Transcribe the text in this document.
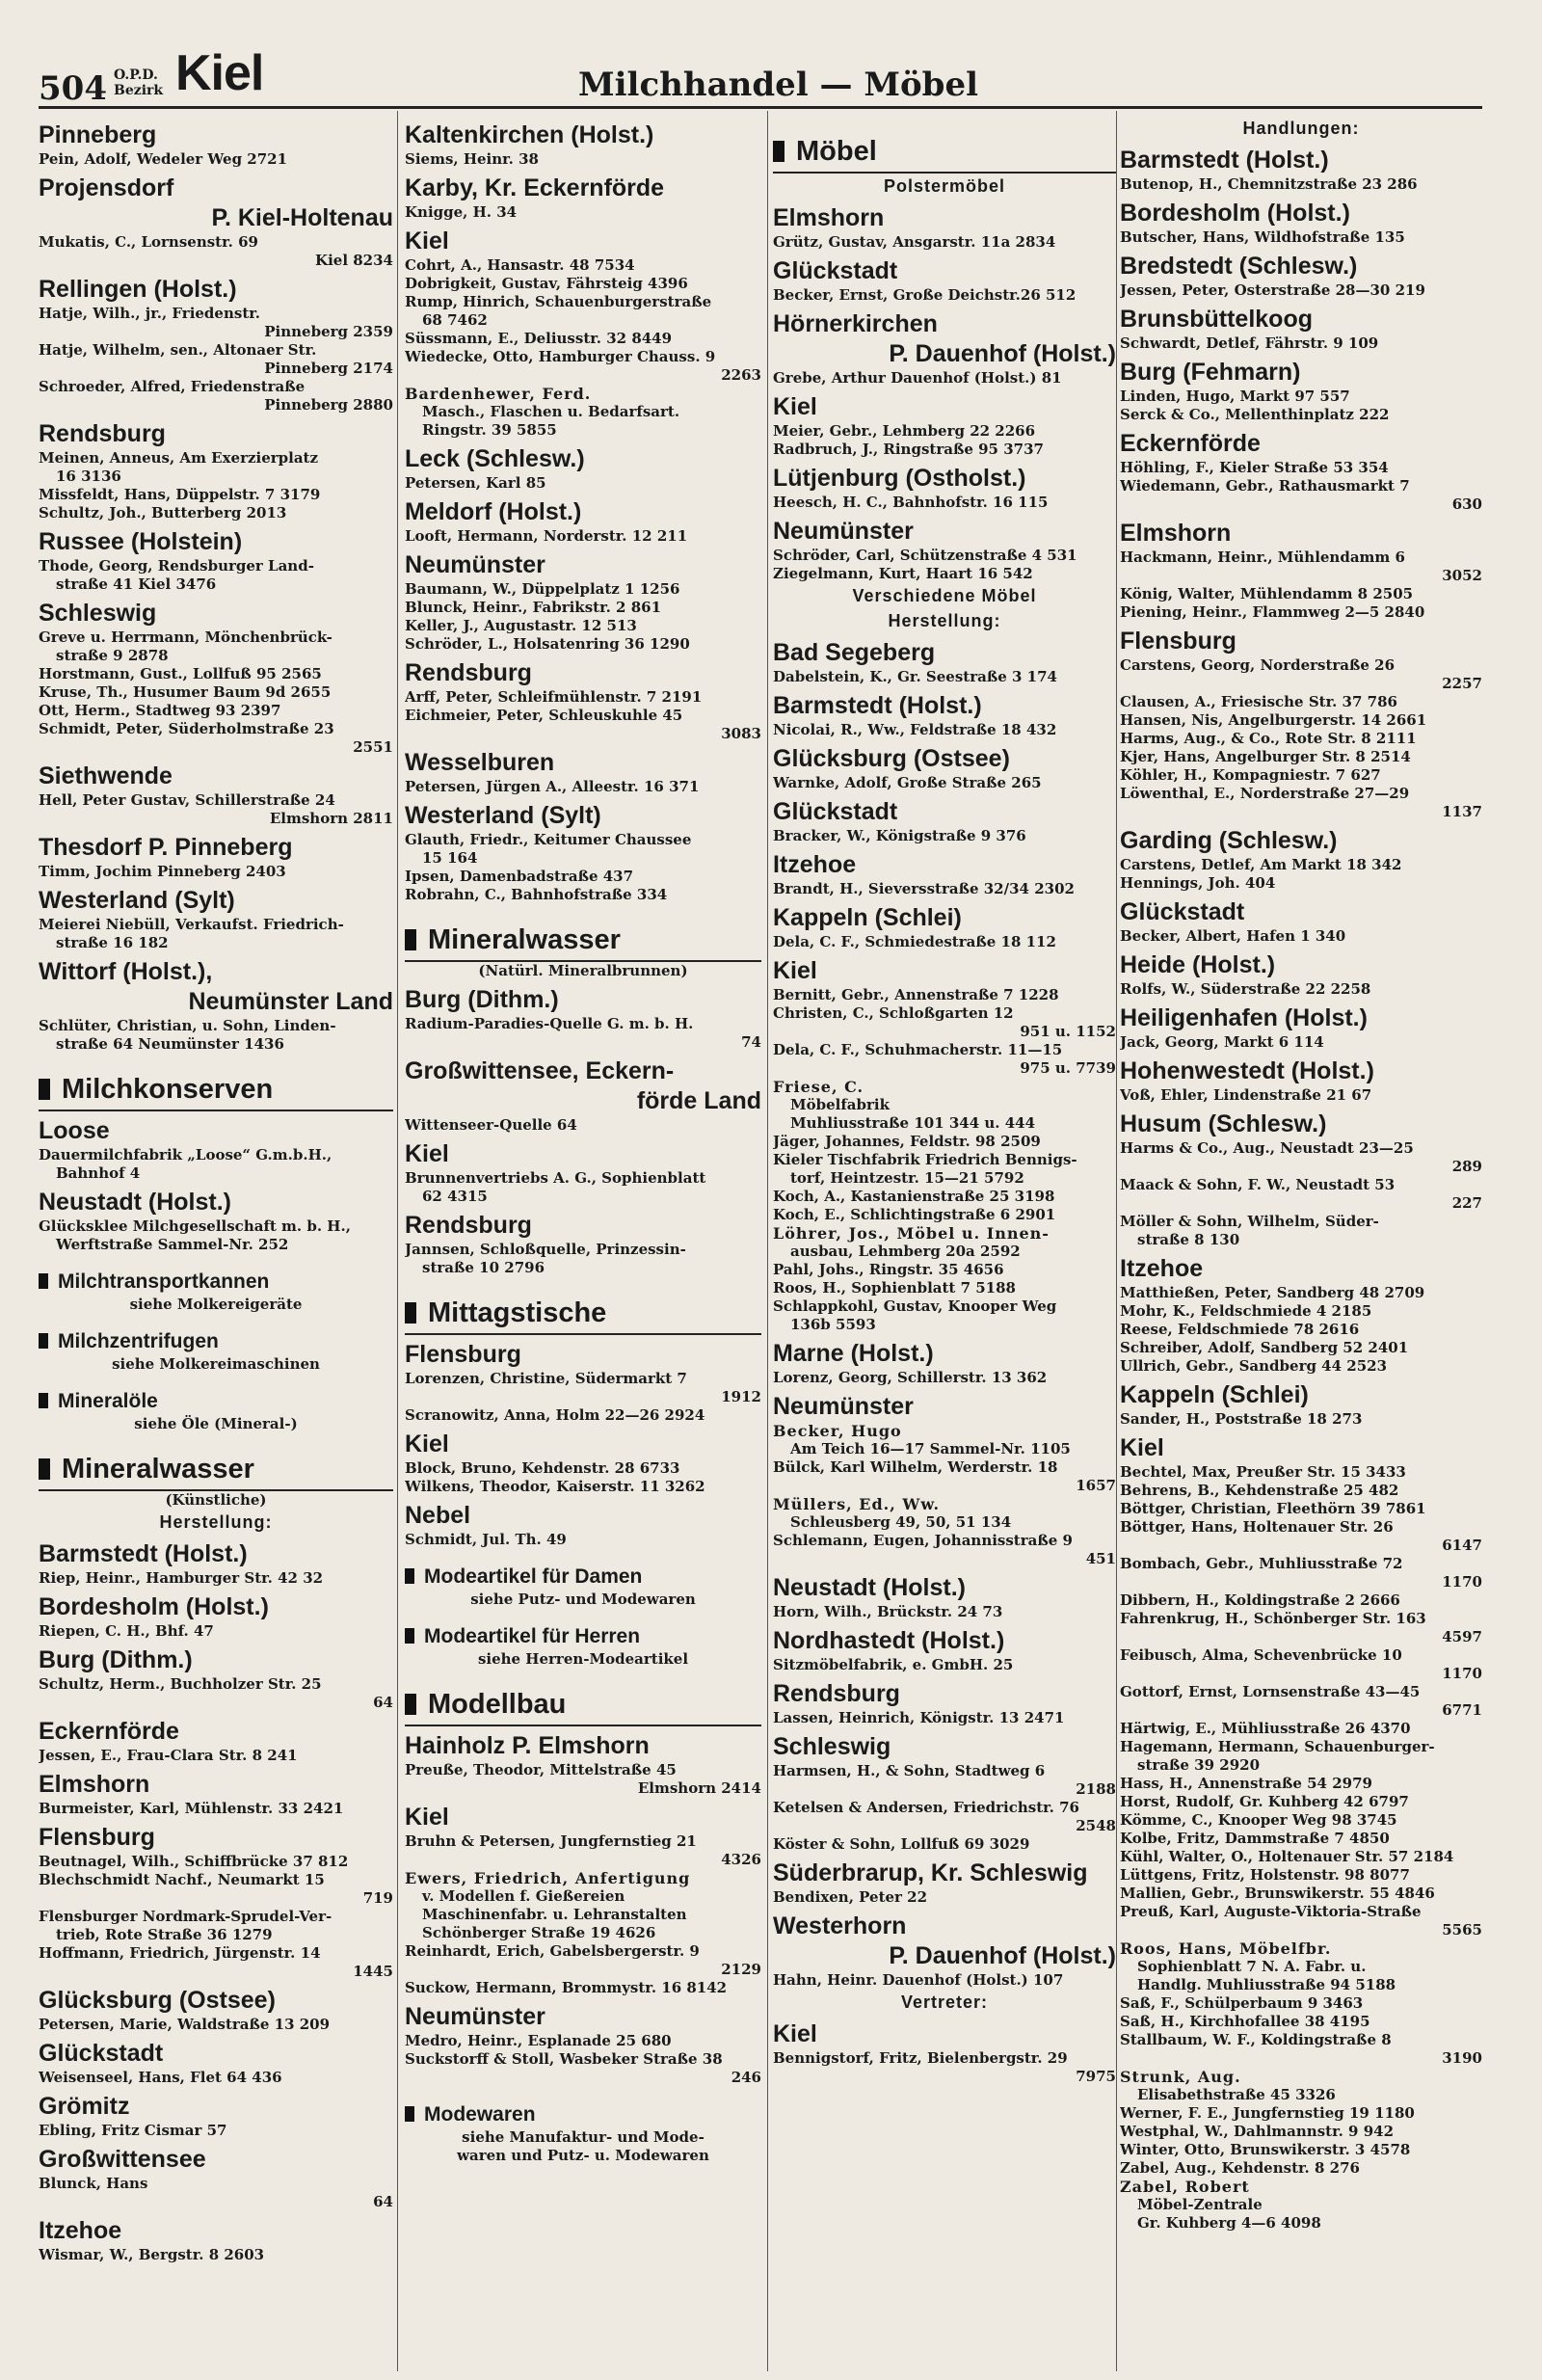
504 O.P.D.
Bezirk Kiel	Milchhandel — Möbel
Pinneberg
Pein, Adolf, Wedeler Weg 2721
Projensdorf
P. Kiel-Holtenau
Mukatis, C., Lornsenstr. 69
Kiel 8234
Rellingen (Holst.)
Hatje, Wilh., jr., Friedenstr.
Pinneberg 2359
Hatje, Wilhelm, sen., Altonaer Str.
Pinneberg 2174
Schroeder, Alfred, Friedenstraße
Pinneberg 2880
Rendsburg
Meinen, Anneus, Am Exerzierplatz
16 3136
Missfeldt, Hans, Düppelstr. 7 3179
Schultz, Joh., Butterberg 2013
Russee (Holstein)
Thode, Georg, Rendsburger Land-
straße 41 Kiel 3476
Schleswig
Greve u. Herrmann, Mönchenbrück-
straße 9 2878
Horstmann, Gust., Lollfuß 95 2565
Kruse, Th., Husumer Baum 9d 2655
Ott, Herm., Stadtweg 93 2397
Schmidt, Peter, Süderholmstraße 23
2551
Siethwende
Hell, Peter Gustav, Schillerstraße 24
Elmshorn 2811
Thesdorf P. Pinneberg
Timm, Jochim Pinneberg 2403
Westerland (Sylt)
Meierei Niebüll, Verkaufst. Friedrich-
straße 16 182
Wittorf (Holst.),
Neumünster Land
Schlüter, Christian, u. Sohn, Linden-
straße 64 Neumünster 1436
Milchkonserven
Loose
Dauermilchfabrik „Loose“ G.m.b.H.,
Bahnhof 4
Neustadt (Holst.)
Glücksklee Milchgesellschaft m. b. H.,
Werftstraße Sammel-Nr. 252
Milchtransportkannen
siehe Molkereigeräte
Milchzentrifugen
siehe Molkereimaschinen
Mineralöle
siehe Öle (Mineral-)
Mineralwasser
(Künstliche)
Herstellung:
Barmstedt (Holst.)
Riep, Heinr., Hamburger Str. 42 32
Bordesholm (Holst.)
Riepen, C. H., Bhf. 47
Burg (Dithm.)
Schultz, Herm., Buchholzer Str. 25
64
Eckernförde
Jessen, E., Frau-Clara Str. 8 241
Elmshorn
Burmeister, Karl, Mühlenstr. 33 2421
Flensburg
Beutnagel, Wilh., Schiffbrücke 37 812
Blechschmidt Nachf., Neumarkt 15
719
Flensburger Nordmark-Sprudel-Ver-
trieb, Rote Straße 36 1279
Hoffmann, Friedrich, Jürgenstr. 14
1445
Glücksburg (Ostsee)
Petersen, Marie, Waldstraße 13 209
Glückstadt
Weisenseel, Hans, Flet 64 436
Grömitz
Ebling, Fritz Cismar 57
Großwittensee
Blunck, Hans
64
Itzehoe
Wismar, W., Bergstr. 8 2603
Kaltenkirchen (Holst.)
Siems, Heinr. 38
Karby, Kr. Eckernförde
Knigge, H. 34
Kiel
Cohrt, A., Hansastr. 48 7534
Dobrigkeit, Gustav, Fährsteig 4396
Rump, Hinrich, Schauenburgerstraße
68 7462
Süssmann, E., Deliusstr. 32 8449
Wiedecke, Otto, Hamburger Chauss. 9
2263
Bardenhewer, Ferd.
Masch., Flaschen u. Bedarfsart.
Ringstr. 39 5855
Leck (Schlesw.)
Petersen, Karl 85
Meldorf (Holst.)
Looft, Hermann, Norderstr. 12 211
Neumünster
Baumann, W., Düppelplatz 1 1256
Blunck, Heinr., Fabrikstr. 2 861
Keller, J., Augustastr. 12 513
Schröder, L., Holsatenring 36 1290
Rendsburg
Arff, Peter, Schleifmühlenstr. 7 2191
Eichmeier, Peter, Schleuskuhle 45
3083
Wesselburen
Petersen, Jürgen A., Alleestr. 16 371
Westerland (Sylt)
Glauth, Friedr., Keitumer Chaussee
15 164
Ipsen, Damenbadstraße 437
Robrahn, C., Bahnhofstraße 334
Mineralwasser
(Natürl. Mineralbrunnen)
Burg (Dithm.)
Radium-Paradies-Quelle G. m. b. H.
74
Großwittensee, Eckern-
förde Land
Wittenseer-Quelle 64
Kiel
Brunnenvertriebs A. G., Sophienblatt
62 4315
Rendsburg
Jannsen, Schloßquelle, Prinzessin-
straße 10 2796
Mittagstische
Flensburg
Lorenzen, Christine, Südermarkt 7
1912
Scranowitz, Anna, Holm 22—26 2924
Kiel
Block, Bruno, Kehdenstr. 28 6733
Wilkens, Theodor, Kaiserstr. 11 3262
Nebel
Schmidt, Jul. Th. 49
Modeartikel für Damen
siehe Putz- und Modewaren
Modeartikel für Herren
siehe Herren-Modeartikel
Modellbau
Hainholz P. Elmshorn
Preuße, Theodor, Mittelstraße 45
Elmshorn 2414
Kiel
Bruhn & Petersen, Jungfernstieg 21
4326
Ewers, Friedrich, Anfertigung
v. Modellen f. Gießereien
Maschinenfabr. u. Lehranstalten
Schönberger Straße 19 4626
Reinhardt, Erich, Gabelsbergerstr. 9
2129
Suckow, Hermann, Brommystr. 16 8142
Neumünster
Medro, Heinr., Esplanade 25 680
Suckstorff & Stoll, Wasbeker Straße 38
246
Modewaren
siehe Manufaktur- und Mode-
waren und Putz- u. Modewaren
Möbel
Polstermöbel
Elmshorn
Grütz, Gustav, Ansgarstr. 11a 2834
Glückstadt
Becker, Ernst, Große Deichstr.26 512
Hörnerkirchen
P. Dauenhof (Holst.)
Grebe, Arthur Dauenhof (Holst.) 81
Kiel
Meier, Gebr., Lehmberg 22 2266
Radbruch, J., Ringstraße 95 3737
Lütjenburg (Ostholst.)
Heesch, H. C., Bahnhofstr. 16 115
Neumünster
Schröder, Carl, Schützenstraße 4 531
Ziegelmann, Kurt, Haart 16 542
Verschiedene Möbel
Herstellung:
Bad Segeberg
Dabelstein, K., Gr. Seestraße 3 174
Barmstedt (Holst.)
Nicolai, R., Ww., Feldstraße 18 432
Glücksburg (Ostsee)
Warnke, Adolf, Große Straße 265
Glückstadt
Bracker, W., Königstraße 9 376
Itzehoe
Brandt, H., Sieversstraße 32/34 2302
Kappeln (Schlei)
Dela, C. F., Schmiedestraße 18 112
Kiel
Bernitt, Gebr., Annenstraße 7 1228
Christen, C., Schloßgarten 12
951 u. 1152
Dela, C. F., Schuhmacherstr. 11—15
975 u. 7739
Friese, C.
Möbelfabrik
Muhliusstraße 101 344 u. 444
Jäger, Johannes, Feldstr. 98 2509
Kieler Tischfabrik Friedrich Bennigs-
torf, Heintzestr. 15—21 5792
Koch, A., Kastanienstraße 25 3198
Koch, E., Schlichtingstraße 6 2901
Löhrer, Jos., Möbel u. Innen-
ausbau, Lehmberg 20a 2592
Pahl, Johs., Ringstr. 35 4656
Roos, H., Sophienblatt 7 5188
Schlappkohl, Gustav, Knooper Weg
136b 5593
Marne (Holst.)
Lorenz, Georg, Schillerstr. 13 362
Neumünster
Becker, Hugo
Am Teich 16—17 Sammel-Nr. 1105
Bülck, Karl Wilhelm, Werderstr. 18
1657
Müllers, Ed., Ww.
Schleusberg 49, 50, 51 134
Schlemann, Eugen, Johannisstraße 9
451
Neustadt (Holst.)
Horn, Wilh., Brückstr. 24 73
Nordhastedt (Holst.)
Sitzmöbelfabrik, e. GmbH. 25
Rendsburg
Lassen, Heinrich, Königstr. 13 2471
Schleswig
Harmsen, H., & Sohn, Stadtweg 6
2188
Ketelsen & Andersen, Friedrichstr. 76
2548
Köster & Sohn, Lollfuß 69 3029
Süderbrarup, Kr. Schleswig
Bendixen, Peter 22
Westerhorn
P. Dauenhof (Holst.)
Hahn, Heinr. Dauenhof (Holst.) 107
Vertreter:
Kiel
Bennigstorf, Fritz, Bielenbergstr. 29
7975
Handlungen:
Barmstedt (Holst.)
Butenop, H., Chemnitzstraße 23 286
Bordesholm (Holst.)
Butscher, Hans, Wildhofstraße 135
Bredstedt (Schlesw.)
Jessen, Peter, Osterstraße 28—30 219
Brunsbüttelkoog
Schwardt, Detlef, Fährstr. 9 109
Burg (Fehmarn)
Linden, Hugo, Markt 97 557
Serck & Co., Mellenthinplatz 222
Eckernförde
Höhling, F., Kieler Straße 53 354
Wiedemann, Gebr., Rathausmarkt 7
630
Elmshorn
Hackmann, Heinr., Mühlendamm 6
3052
König, Walter, Mühlendamm 8 2505
Piening, Heinr., Flammweg 2—5 2840
Flensburg
Carstens, Georg, Norderstraße 26
2257
Clausen, A., Friesische Str. 37 786
Hansen, Nis, Angelburgerstr. 14 2661
Harms, Aug., & Co., Rote Str. 8 2111
Kjer, Hans, Angelburger Str. 8 2514
Köhler, H., Kompagniestr. 7 627
Löwenthal, E., Norderstraße 27—29
1137
Garding (Schlesw.)
Carstens, Detlef, Am Markt 18 342
Hennings, Joh. 404
Glückstadt
Becker, Albert, Hafen 1 340
Heide (Holst.)
Rolfs, W., Süderstraße 22 2258
Heiligenhafen (Holst.)
Jack, Georg, Markt 6 114
Hohenwestedt (Holst.)
Voß, Ehler, Lindenstraße 21 67
Husum (Schlesw.)
Harms & Co., Aug., Neustadt 23—25
289
Maack & Sohn, F. W., Neustadt 53
227
Möller & Sohn, Wilhelm, Süder-
straße 8 130
Itzehoe
Matthießen, Peter, Sandberg 48 2709
Mohr, K., Feldschmiede 4 2185
Reese, Feldschmiede 78 2616
Schreiber, Adolf, Sandberg 52 2401
Ullrich, Gebr., Sandberg 44 2523
Kappeln (Schlei)
Sander, H., Poststraße 18 273
Kiel
Bechtel, Max, Preußer Str. 15 3433
Behrens, B., Kehdenstraße 25 482
Böttger, Christian, Fleethörn 39 7861
Böttger, Hans, Holtenauer Str. 26
6147
Bombach, Gebr., Muhliusstraße 72
1170
Dibbern, H., Koldingstraße 2 2666
Fahrenkrug, H., Schönberger Str. 163
4597
Feibusch, Alma, Schevenbrücke 10
1170
Gottorf, Ernst, Lornsenstraße 43—45
6771
Härtwig, E., Mühliusstraße 26 4370
Hagemann, Hermann, Schauenburger-
straße 39 2920
Hass, H., Annenstraße 54 2979
Horst, Rudolf, Gr. Kuhberg 42 6797
Kömme, C., Knooper Weg 98 3745
Kolbe, Fritz, Dammstraße 7 4850
Kühl, Walter, O., Holtenauer Str. 57 2184
Lüttgens, Fritz, Holstenstr. 98 8077
Mallien, Gebr., Brunswikerstr. 55 4846
Preuß, Karl, Auguste-Viktoria-Straße
5565
Roos, Hans, Möbelfbr.
Sophienblatt 7 N. A. Fabr. u.
Handlg. Muhliusstraße 94 5188
Saß, F., Schülperbaum 9 3463
Saß, H., Kirchhofallee 38 4195
Stallbaum, W. F., Koldingstraße 8
3190
Strunk, Aug.
Elisabethstraße 45 3326
Werner, F. E., Jungfernstieg 19 1180
Westphal, W., Dahlmannstr. 9 942
Winter, Otto, Brunswikerstr. 3 4578
Zabel, Aug., Kehdenstr. 8 276
Zabel, Robert
Möbel-Zentrale
Gr. Kuhberg 4—6 4098
